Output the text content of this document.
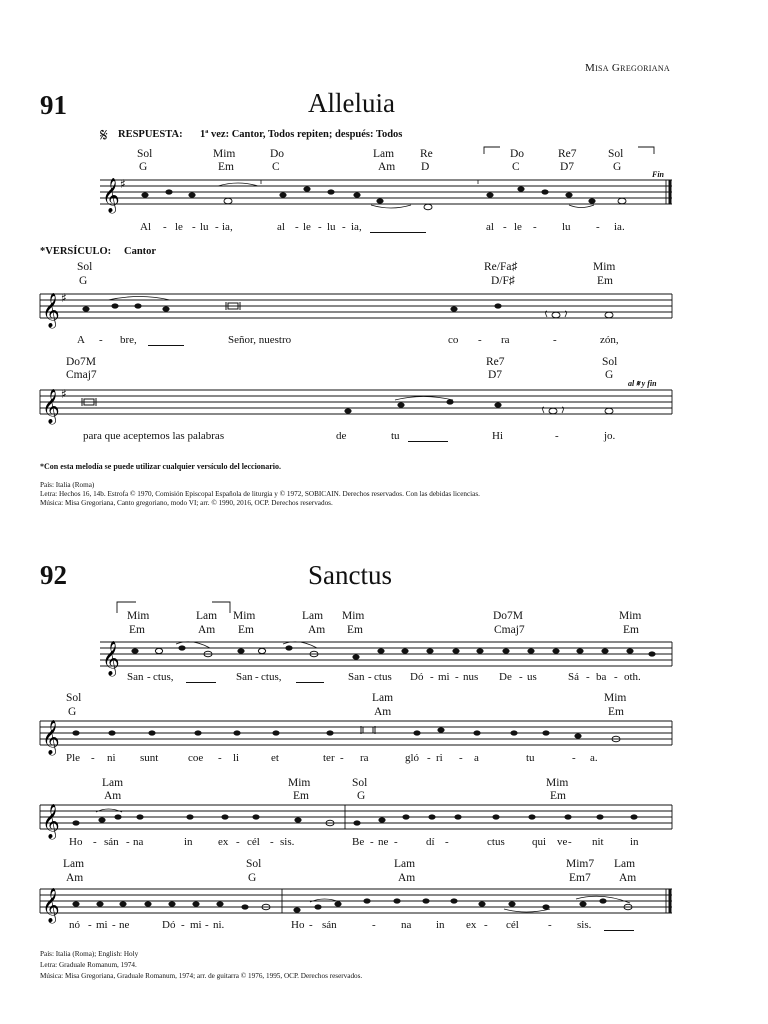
Misa Gregoriana
91	Alleluia
𝄋 RESPUESTA: 1ª vez: Cantor, Todos repiten; después: Todos
Sol
G
Mim
Em
Do
C
Lam
Am
Re
D
Do
C
Re7
D7
Sol
G
Fin
𝄞 ♯
Al - le - lu - ia,	al - le - lu - ia,	al - le - lu - ia.
*VERSÍCULO: Cantor
Sol
G
Re/Fa♯
D/F♯
Mim
Em
𝄞 ♯
A - bre,	Señor, nuestro	co - ra	-	zón,
Do7M
Cmaj7
Re7
D7
Sol
G
al 𝄋 y fin
𝄞 ♯
para que aceptemos las palabras	de	tu	Hi	-	jo.
*Con esta melodía se puede utilizar cualquier versículo del leccionario.
País: Italia (Roma)
Letra: Hechos 16, 14b. Estrofa © 1970, Comisión Episcopal Española de liturgia y © 1972, SOBICAIN. Derechos reservados. Con las debidas licencias.
Música: Misa Gregoriana, Canto gregoriano, modo VI; arr. © 1990, 2016, OCP. Derechos reservados.
92	Sanctus
Mim
Em
Lam
Am
Mim
Em
Lam
Am
Mim
Em
Do7M
Cmaj7
Mim
Em
𝄞
San - ctus,	San - ctus,	San - ctus Dó - mi - nus De - us	Sá - ba - oth.
Sol
G
Lam
Am
Mim
Em
𝄞
Ple - ni sunt	coe - li	et	ter - ra	gló - ri - a	tu	- a.
Lam
Am
Mim
Em
Sol
G
Mim
Em
𝄞
Ho - sán - na	in ex - cél - sis.	Be - ne -	dí -	ctus qui ve - nit in
Lam
Am
Sol
G
Lam
Am
Mim7
Em7
Lam
Am
𝄞
nó - mi - ne	Dó - mi - ni.	Ho - sán	- na in ex - cél	- sis.
País: Italia (Roma); English: Holy
Letra: Graduale Romanum, 1974.
Música: Misa Gregoriana, Graduale Romanum, 1974; arr. de guitarra © 1976, 1995, OCP. Derechos reservados.
